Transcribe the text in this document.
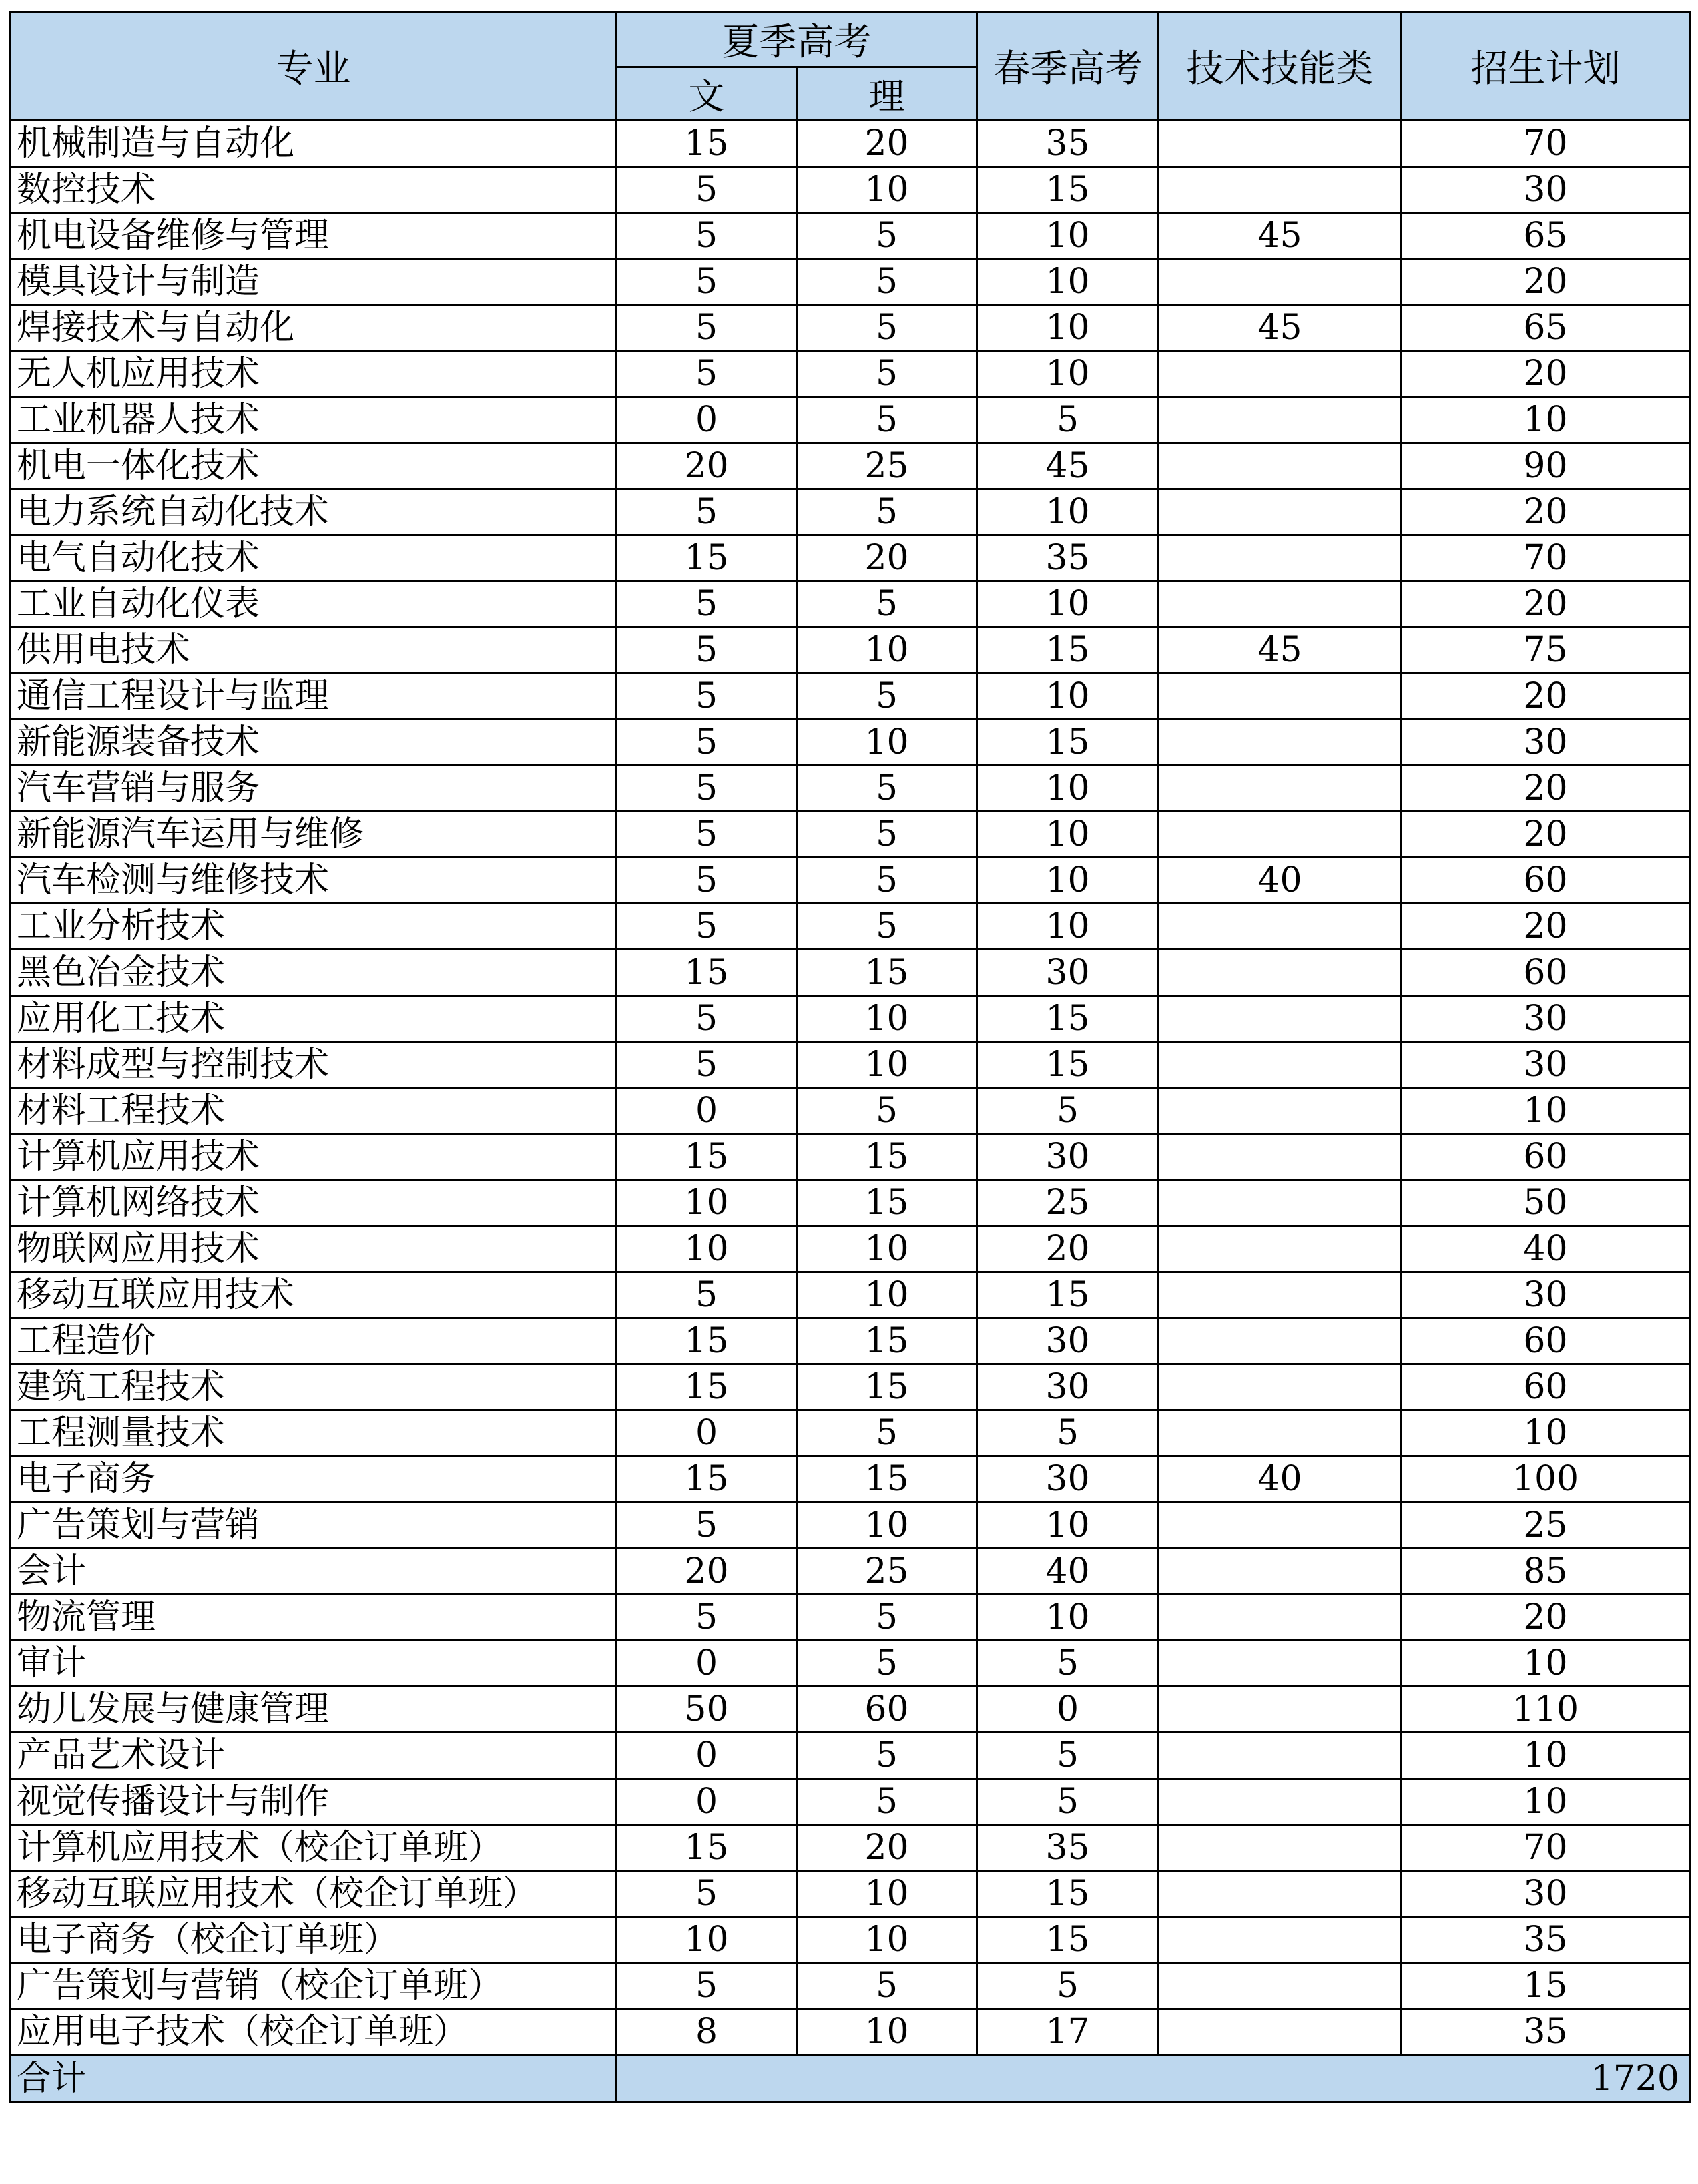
专业	夏季高考		春季高考	技术技能类	招生计划
	文	理			
机械制造与自动化	15	20	35		70
数控技术	5	10	15		30
机电设备维修与管理	5	5	10	45	65
模具设计与制造	5	5	10		20
焊接技术与自动化	5	5	10	45	65
无人机应用技术	5	5	10		20
工业机器人技术	0	5	5		10
机电一体化技术	20	25	45		90
电力系统自动化技术	5	5	10		20
电气自动化技术	15	20	35		70
工业自动化仪表	5	5	10		20
供用电技术	5	10	15	45	75
通信工程设计与监理	5	5	10		20
新能源装备技术	5	10	15		30
汽车营销与服务	5	5	10		20
新能源汽车运用与维修	5	5	10		20
汽车检测与维修技术	5	5	10	40	60
工业分析技术	5	5	10		20
黑色冶金技术	15	15	30		60
应用化工技术	5	10	15		30
材料成型与控制技术	5	10	15		30
材料工程技术	0	5	5		10
计算机应用技术	15	15	30		60
计算机网络技术	10	15	25		50
物联网应用技术	10	10	20		40
移动互联应用技术	5	10	15		30
工程造价	15	15	30		60
建筑工程技术	15	15	30		60
工程测量技术	0	5	5		10
电子商务	15	15	30	40	100
广告策划与营销	5	10	10		25
会计	20	25	40		85
物流管理	5	5	10		20
审计	0	5	5		10
幼儿发展与健康管理	50	60	0		110
产品艺术设计	0	5	5		10
视觉传播设计与制作	0	5	5		10
计算机应用技术（校企订单班）	15	20	35		70
移动互联应用技术（校企订单班）	5	10	15		30
电子商务（校企订单班）	10	10	15		35
广告策划与营销（校企订单班）	5	5	5		15
应用电子技术（校企订单班）	8	10	17		35
合计	1720				
